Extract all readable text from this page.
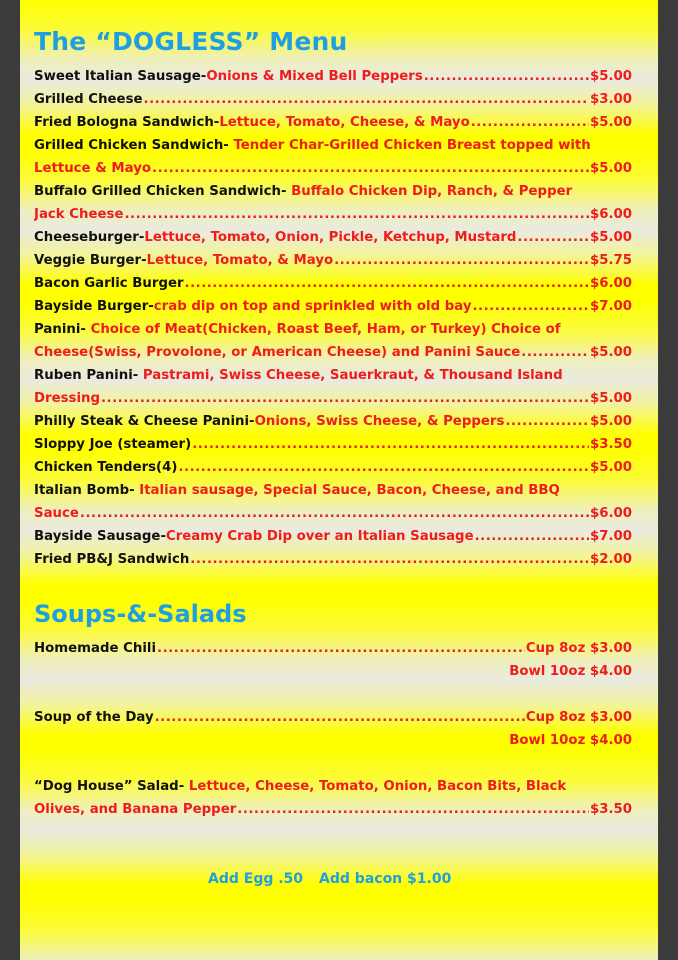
The “DOGLESS” Menu
Sweet Italian Sausage- Onions & Mixed Bell Peppers .....	$5.00
Grilled Cheese .....	$3.00
Fried Bologna Sandwich- Lettuce, Tomato, Cheese, & Mayo .....	$5.00
Grilled Chicken Sandwich- Tender Char-Grilled Chicken Breast topped with
Lettuce & Mayo .....	$5.00
Buffalo Grilled Chicken Sandwich- Buffalo Chicken Dip, Ranch, & Pepper
Jack Cheese .....	$6.00
Cheeseburger- Lettuce, Tomato, Onion, Pickle, Ketchup, Mustard .....	$5.00
Veggie Burger- Lettuce, Tomato, & Mayo .....	$5.75
Bacon Garlic Burger .....	$6.00
Bayside Burger- crab dip on top and sprinkled with old bay .....	$7.00
Panini- Choice of Meat(Chicken, Roast Beef, Ham, or Turkey) Choice of
Cheese(Swiss, Provolone, or American Cheese) and Panini Sauce .....	$5.00
Ruben Panini- Pastrami, Swiss Cheese, Sauerkraut, & Thousand Island
Dressing .....	$5.00
Philly Steak & Cheese Panini- Onions, Swiss Cheese, & Peppers .....	$5.00
Sloppy Joe (steamer) .....	$3.50
Chicken Tenders(4) .....	$5.00
Italian Bomb- Italian sausage, Special Sauce, Bacon, Cheese, and BBQ
Sauce .....	$6.00
Bayside Sausage- Creamy Crab Dip over an Italian Sausage .....	$7.00
Fried PB&J Sandwich .....	$2.00
Soups-&-Salads
Homemade Chili .....	Cup 8oz $3.00
Bowl 10oz $4.00
Soup of the Day .....	Cup 8oz $3.00
Bowl 10oz $4.00
“Dog House” Salad- Lettuce, Cheese, Tomato, Onion, Bacon Bits, Black
Olives, and Banana Pepper .....	$3.50
Add Egg .50 Add bacon $1.00
